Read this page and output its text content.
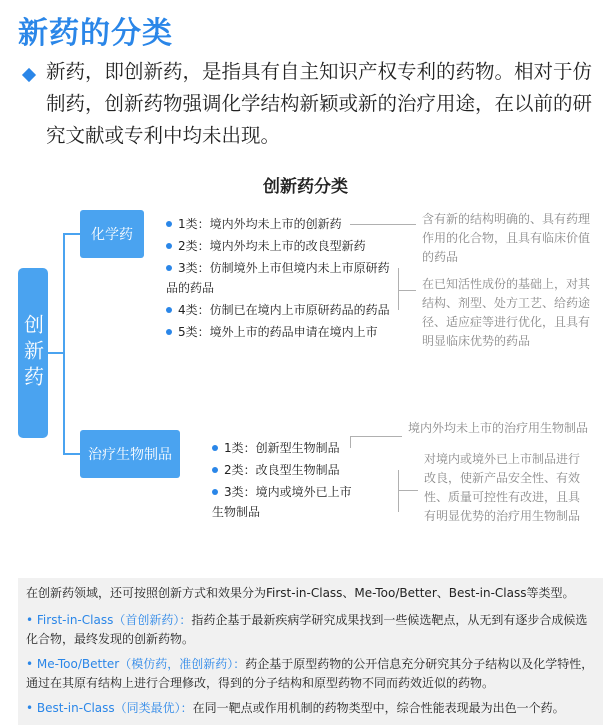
新药的分类
新药，即创新药，是指具有自主知识产权专利的药物。相对于仿制药，创新药物强调化学结构新颖或新的治疗用途，在以前的研究文献或专利中均未出现。
创新药分类
创新药
化学药
治疗生物制品
1类：境内外均未上市的创新药
2类：境内外均未上市的改良型新药
3类：仿制境外上市但境内未上市原研药品的药品
4类：仿制已在境内上市原研药品的药品
5类：境外上市的药品申请在境内上市
含有新的结构明确的、具有药理作用的化合物，且具有临床价值的药品
在已知活性成份的基础上，对其结构、剂型、处方工艺、给药途径、适应症等进行优化，且具有明显临床优势的药品
1类：创新型生物制品
2类：改良型生物制品
3类：境内或境外已上市生物制品
境内外均未上市的治疗用生物制品
对境内或境外已上市制品进行改良，使新产品安全性、有效性、质量可控性有改进，且具有明显优势的治疗用生物制品
在创新药领域，还可按照创新方式和效果分为First-in-Class、Me-Too/Better、Best-in-Class等类型。
• First-in-Class（首创新药）：指药企基于最新疾病学研究成果找到一些候选靶点，从无到有逐步合成候选化合物，最终发现的创新药物。
• Me-Too/Better（模仿药，准创新药）：药企基于原型药物的公开信息充分研究其分子结构以及化学特性，通过在其原有结构上进行合理修改，得到的分子结构和原型药物不同而药效近似的药物。
• Best-in-Class（同类最优）：在同一靶点或作用机制的药物类型中，综合性能表现最为出色一个药。
